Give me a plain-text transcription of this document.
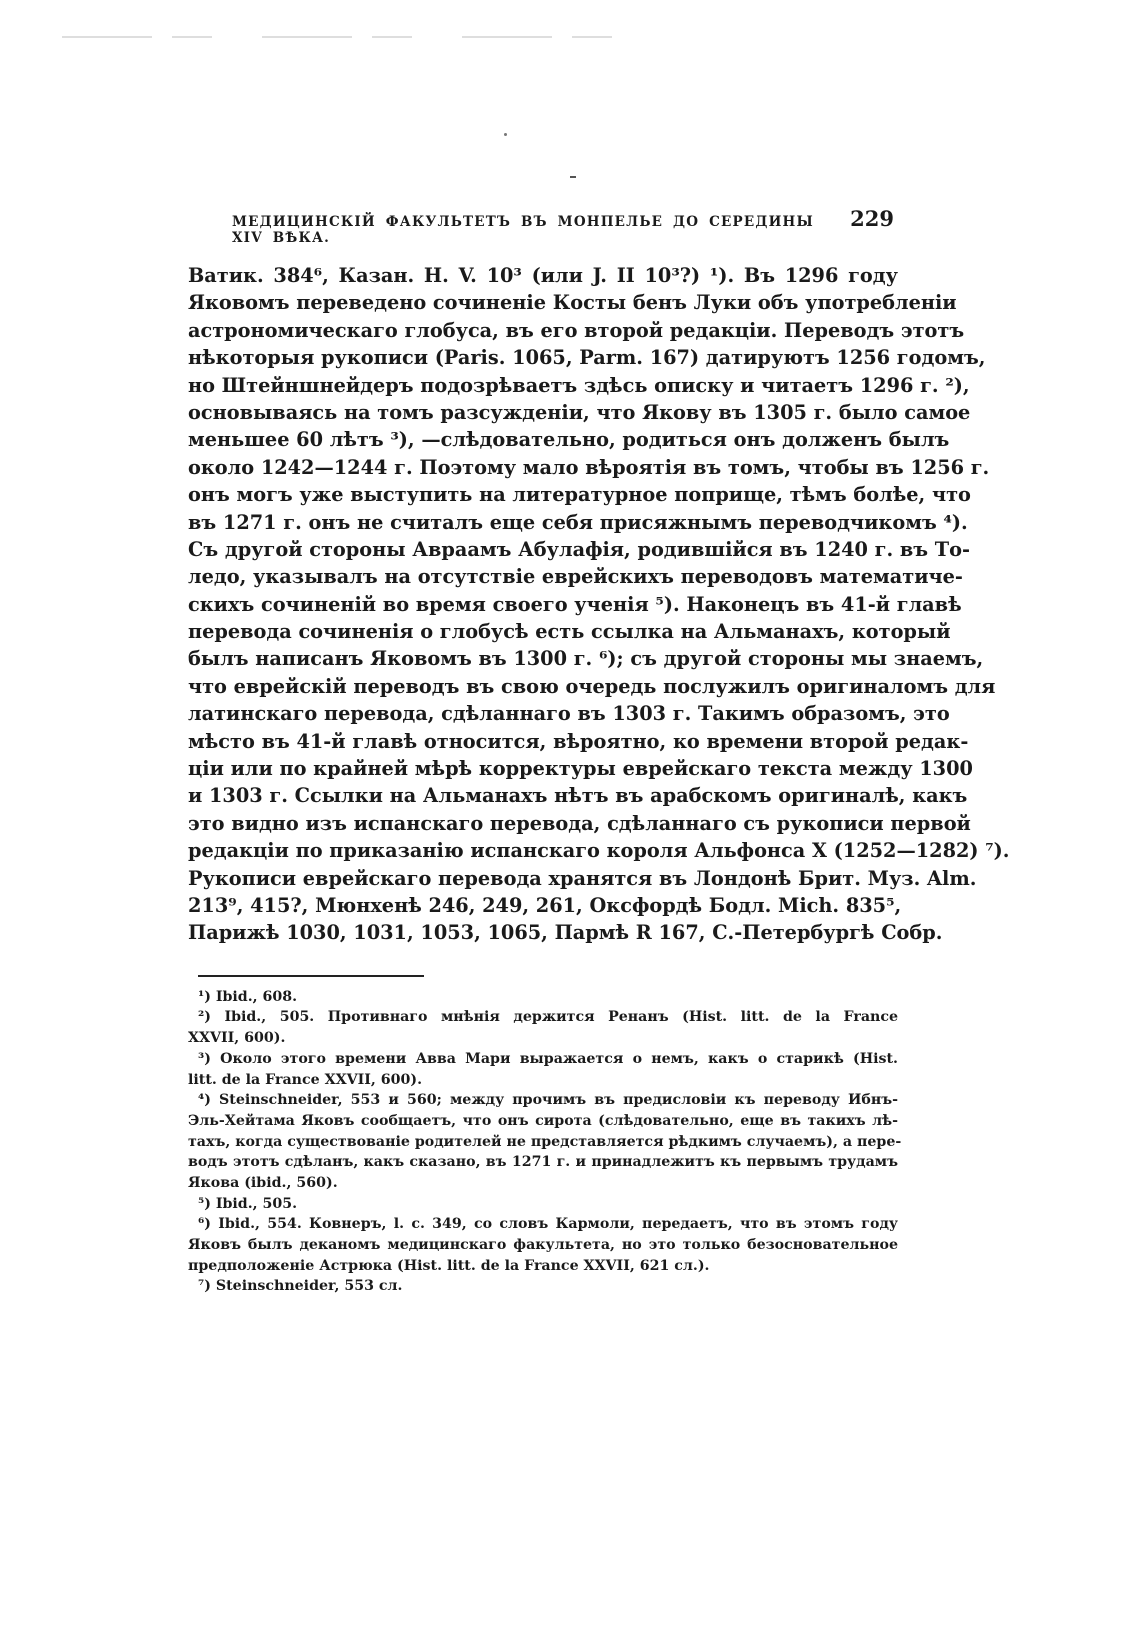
МЕДИЦИНСКІЙ ФАКУЛЬТЕТЪ ВЪ МОНПЕЛЬЕ ДО СЕРЕДИНЫ XIV ВѢКА.
229
Ватик. 384⁶, Казан. H. V. 10³ (или J. II 10³?) ¹). Въ 1296 году
Яковомъ переведено сочиненіе Косты бенъ Луки объ употребленіи
астрономическаго глобуса, въ его второй редакціи. Переводъ этотъ
нѣкоторыя рукописи (Paris. 1065, Parm. 167) датируютъ 1256 годомъ,
но Штейншнейдеръ подозрѣваетъ здѣсь описку и читаетъ 1296 г. ²),
основываясь на томъ разсужденіи, что Якову въ 1305 г. было самое
меньшее 60 лѣтъ ³), —слѣдовательно, родиться онъ долженъ былъ
около 1242—1244 г. Поэтому мало вѣроятія въ томъ, чтобы въ 1256 г.
онъ могъ уже выступить на литературное поприще, тѣмъ болѣе, что
въ 1271 г. онъ не считалъ еще себя присяжнымъ переводчикомъ ⁴).
Съ другой стороны Авраамъ Абулафія, родившійся въ 1240 г. въ То-
ледо, указывалъ на отсутствіе еврейскихъ переводовъ математиче-
скихъ сочиненій во время своего ученія ⁵). Наконецъ въ 41-й главѣ
перевода сочиненія о глобусѣ есть ссылка на Альманахъ, который
былъ написанъ Яковомъ въ 1300 г. ⁶); съ другой стороны мы знаемъ,
что еврейскій переводъ въ свою очередь послужилъ оригиналомъ для
латинскаго перевода, сдѣланнаго въ 1303 г. Такимъ образомъ, это
мѣсто въ 41-й главѣ относится, вѣроятно, ко времени второй редак-
ціи или по крайней мѣрѣ корректуры еврейскаго текста между 1300
и 1303 г. Ссылки на Альманахъ нѣтъ въ арабскомъ оригиналѣ, какъ
это видно изъ испанскаго перевода, сдѣланнаго съ рукописи первой
редакціи по приказанію испанскаго короля Альфонса X (1252—1282) ⁷).
Рукописи еврейскаго перевода хранятся въ Лондонѣ Брит. Муз. Alm.
213⁹, 415?, Мюнхенѣ 246, 249, 261, Оксфордѣ Бодл. Mich. 835⁵,
Парижѣ 1030, 1031, 1053, 1065, Пармѣ R 167, С.-Петербургѣ Собр.
¹) Ibid., 608.
²) Ibid., 505. Противнаго мнѣнія держится Ренанъ (Hist. litt. de la France
XXVII, 600).
³) Около этого времени Авва Мари выражается о немъ, какъ о старикѣ (Hist.
litt. de la France XXVII, 600).
⁴) Steinschneider, 553 и 560; между прочимъ въ предисловіи къ переводу Ибнъ-
Эль-Хейтама Яковъ сообщаетъ, что онъ сирота (слѣдовательно, еще въ такихъ лѣ-
тахъ, когда существованіе родителей не представляется рѣдкимъ случаемъ), а пере-
водъ этотъ сдѣланъ, какъ сказано, въ 1271 г. и принадлежитъ къ первымъ трудамъ
Якова (ibid., 560).
⁵) Ibid., 505.
⁶) Ibid., 554. Ковнеръ, l. c. 349, со словъ Кармоли, передаетъ, что въ этомъ году
Яковъ былъ деканомъ медицинскаго факультета, но это только безосновательное
предположеніе Астрюка (Hist. litt. de la France XXVII, 621 сл.).
⁷) Steinschneider, 553 сл.
